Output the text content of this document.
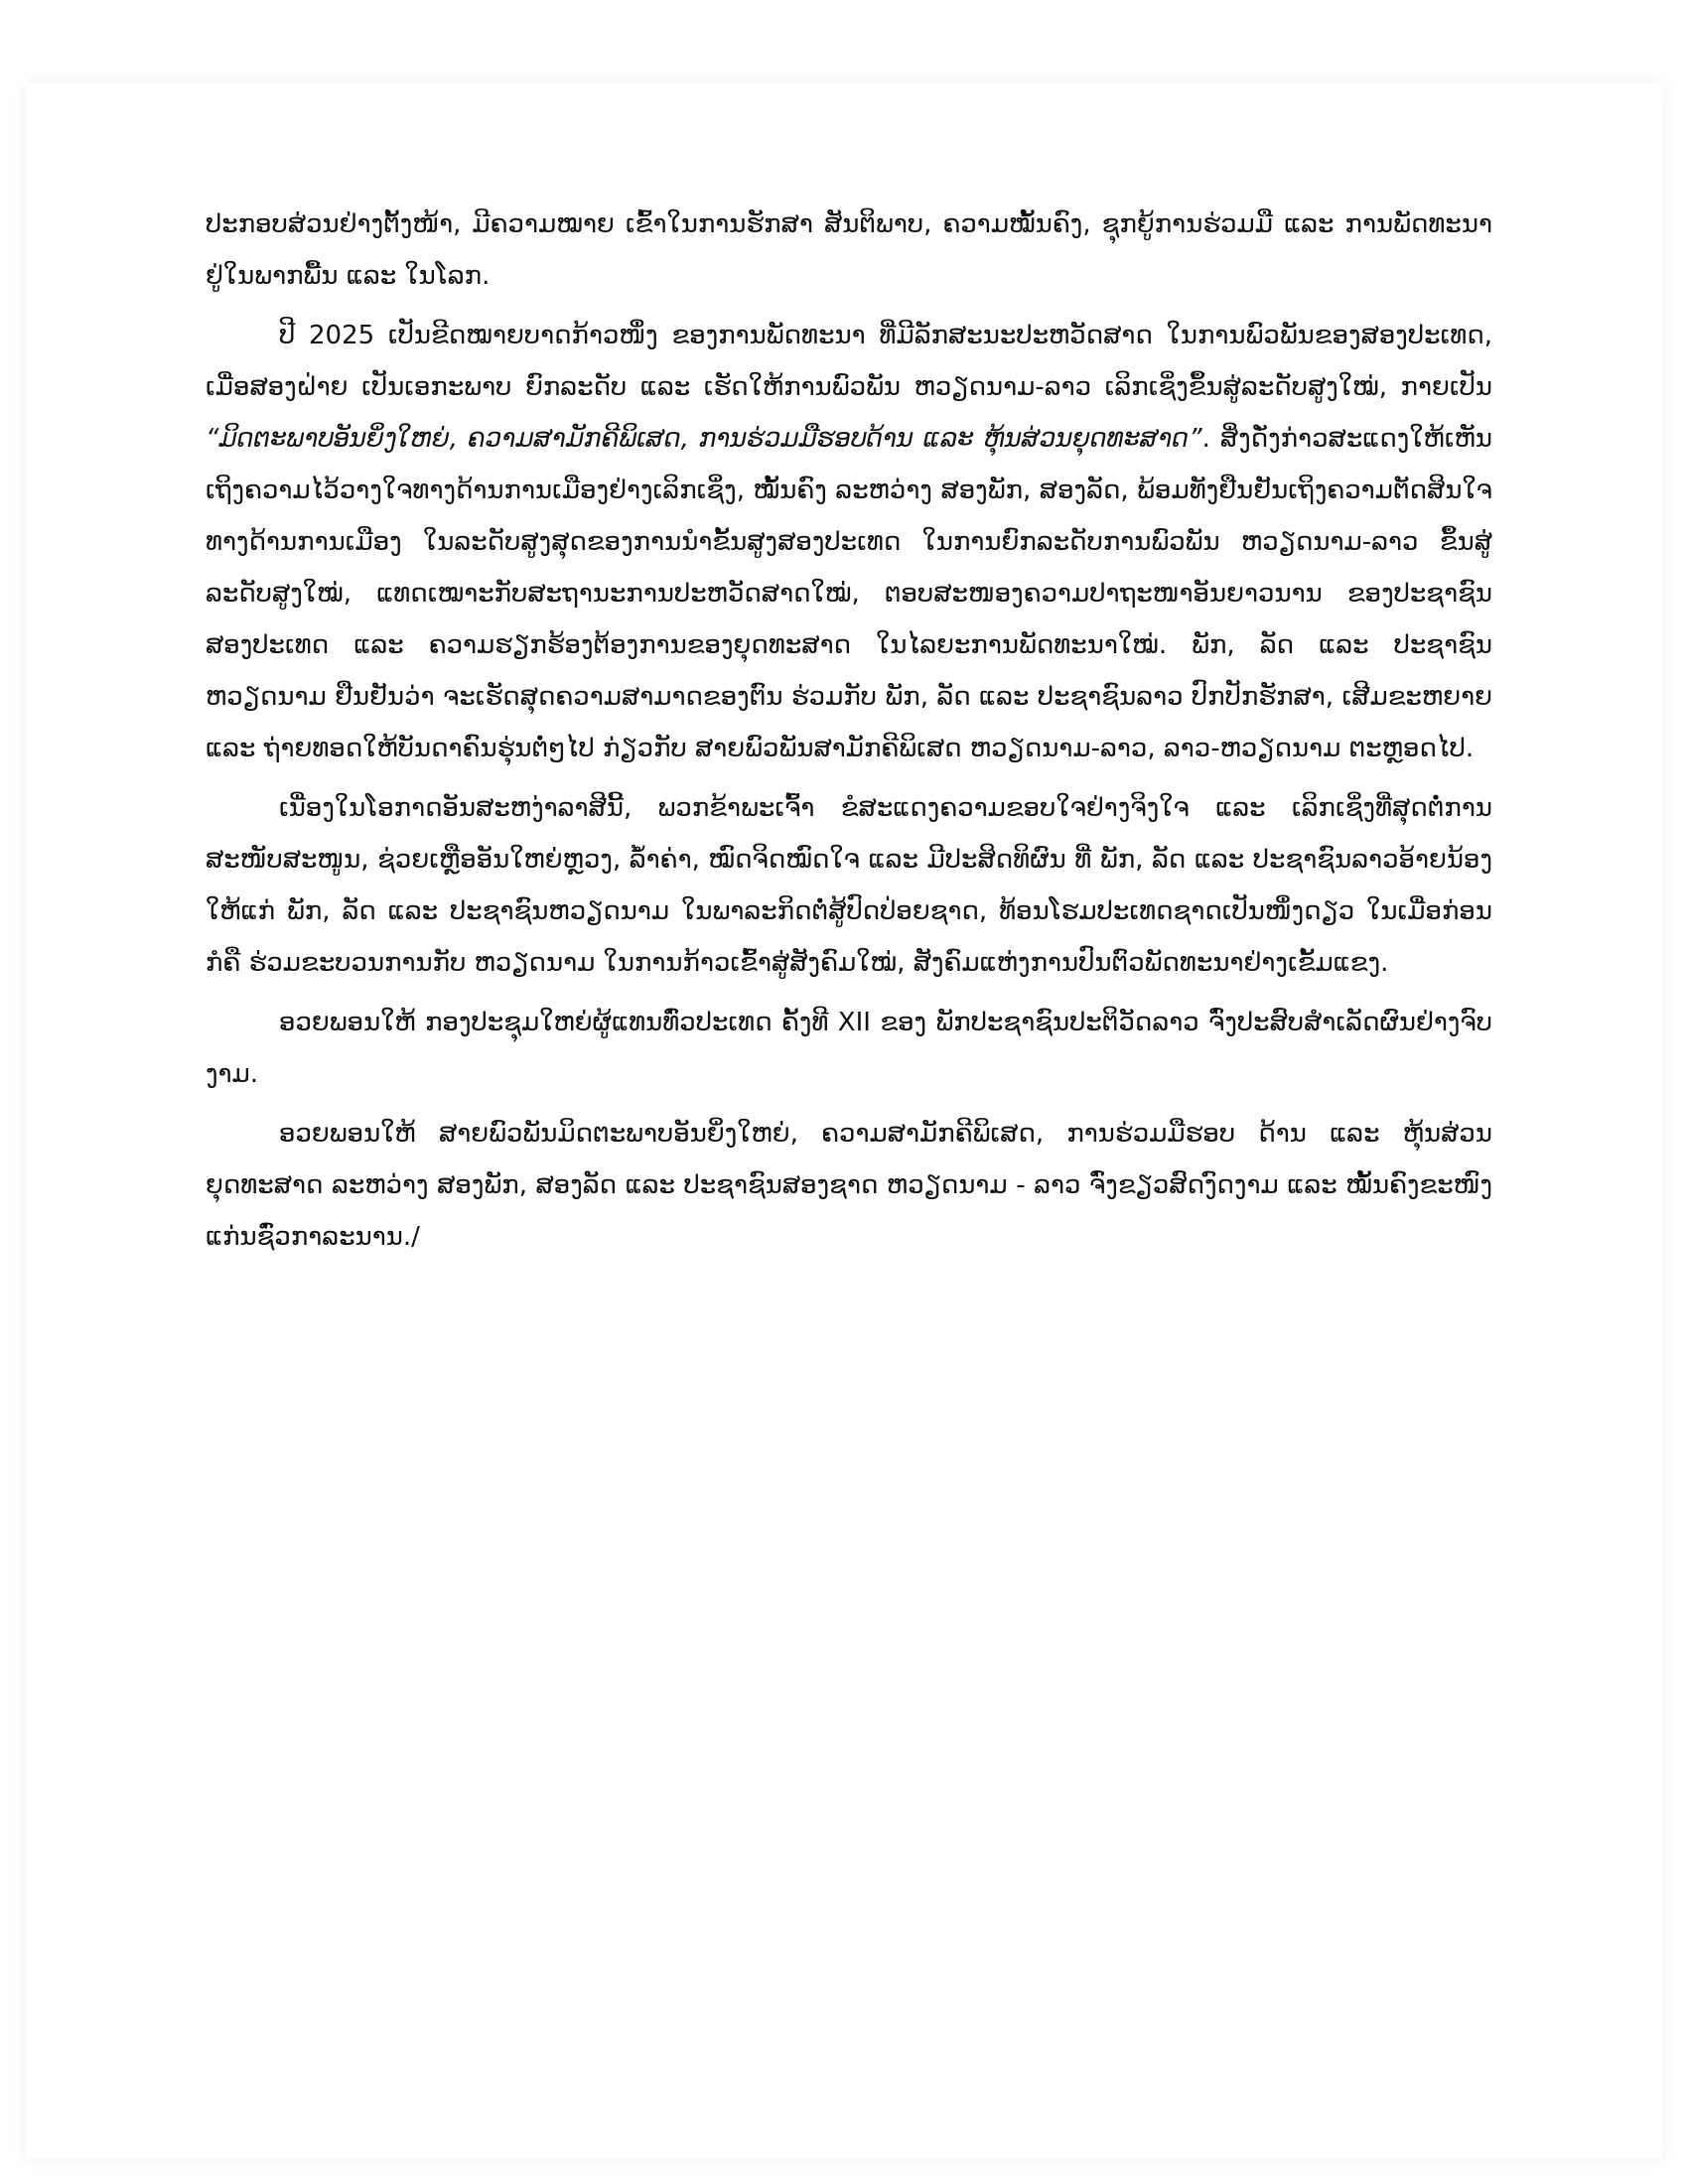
ປະກອບສ່ວນຢ່າງຕັ້ງໜ້າ, ມີຄວາມໝາຍ ເຂົ້າໃນການຮັກສາ ສັນຕິພາບ, ຄວາມໝັ້ນຄົງ, ຊຸກຍູ້ການຮ່ວມມື ແລະ ການພັດທະນາຢູ່ໃນພາກພື້ນ ແລະ ໃນໂລກ.

ປີ 2025 ເປັນຂີດໝາຍບາດກ້າວໜຶ່ງ ຂອງການພັດທະນາ ທີ່ມີລັກສະນະປະຫວັດສາດ ໃນການພົວພັນຂອງສອງປະເທດ, ເມື່ອສອງຝ່າຍ ເປັນເອກະພາບ ຍົກລະດັບ ແລະ ເຮັດໃຫ້ການພົວພັນ ຫວຽດນາມ-ລາວ ເລິກເຊິ່ງຂຶ້ນສູ່ລະດັບສູງໃໝ່, ກາຍເປັນ “ມິດຕະພາບອັນຍິ່ງໃຫຍ່, ຄວາມສາມັກຄີພິເສດ, ການຮ່ວມມືຮອບດ້ານ ແລະ ຫຸ້ນສ່ວນຍຸດທະສາດ”. ສິ່ງດັ່ງກ່າວສະແດງໃຫ້ເຫັນເຖິງຄວາມໄວ້ວາງໃຈທາງດ້ານການເມືອງຢ່າງເລິກເຊິ່ງ, ໝັ້ນຄົງ ລະຫວ່າງ ສອງພັກ, ສອງລັດ, ພ້ອມທັງຢືນຢັນເຖິງຄວາມຕັດສິນໃຈທາງດ້ານການເມືອງ ໃນລະດັບສູງສຸດຂອງການນໍາຂັ້ນສູງສອງປະເທດ ໃນການຍົກລະດັບການພົວພັນ ຫວຽດນາມ-ລາວ ຂຶ້ນສູ່ລະດັບສູງໃໝ່, ແທດເໝາະກັບສະຖານະການປະຫວັດສາດໃໝ່, ຕອບສະໜອງຄວາມປາຖະໜາອັນຍາວນານ ຂອງປະຊາຊົນ ສອງປະເທດ ແລະ ຄວາມຮຽກຮ້ອງຕ້ອງການຂອງຍຸດທະສາດ ໃນໄລຍະການພັດທະນາໃໝ່. ພັກ, ລັດ ແລະ ປະຊາຊົນຫວຽດນາມ ຢືນຢັນວ່າ ຈະເຮັດສຸດຄວາມສາມາດຂອງຕົນ ຮ່ວມກັບ ພັກ, ລັດ ແລະ ປະຊາຊົນລາວ ປົກປັກຮັກສາ, ເສີມຂະຫຍາຍ ແລະ ຖ່າຍທອດໃຫ້ບັນດາຄົນຮຸ່ນຕໍ່ໆໄປ ກ່ຽວກັບ ສາຍພົວພັນສາມັກຄີພິເສດ ຫວຽດນາມ-ລາວ, ລາວ-ຫວຽດນາມ ຕະຫຼອດໄປ.

ເນື່ອງໃນໂອກາດອັນສະຫງ່າລາສີນີ້, ພວກຂ້າພະເຈົ້າ ຂໍສະແດງຄວາມຂອບໃຈຢ່າງຈິງໃຈ ແລະ ເລິກເຊິ່ງທີ່ສຸດຕໍ່ການສະໜັບສະໜູນ, ຊ່ວຍເຫຼືອອັນໃຫຍ່ຫຼວງ, ລໍ້າຄ່າ, ໝົດຈິດໝົດໃຈ ແລະ ມີປະສິດທິຜົນ ທີ່ ພັກ, ລັດ ແລະ ປະຊາຊົນລາວອ້າຍນ້ອງ ໃຫ້ແກ່ ພັກ, ລັດ ແລະ ປະຊາຊົນຫວຽດນາມ ໃນພາລະກິດຕໍ່ສູ້ປົດປ່ອຍຊາດ, ທ້ອນໂຮມປະເທດຊາດເປັນໜຶ່ງດຽວ ໃນເມື່ອກ່ອນ ກໍຄື ຮ່ວມຂະບວນການກັບ ຫວຽດນາມ ໃນການກ້າວເຂົ້າສູ່ສັງຄົມໃໝ່, ສັງຄົມແຫ່ງການປົນຕົວພັດທະນາຢ່າງເຂັ້ມແຂງ.

ອວຍພອນໃຫ້ ກອງປະຊຸມໃຫຍ່ຜູ້ແທນທົ່ວປະເທດ ຄັ້ງທີ XII ຂອງ ພັກປະຊາຊົນປະຕິວັດລາວ ຈົ່ງປະສົບສໍາເລັດຜົນຢ່າງຈົບງາມ.

ອວຍພອນໃຫ້ ສາຍພົວພັນມິດຕະພາບອັນຍິ່ງໃຫຍ່, ຄວາມສາມັກຄີພິເສດ, ການຮ່ວມມືຮອບ ດ້ານ ແລະ ຫຸ້ນສ່ວນຍຸດທະສາດ ລະຫວ່າງ ສອງພັກ, ສອງລັດ ແລະ ປະຊາຊົນສອງຊາດ ຫວຽດນາມ - ລາວ ຈົ່ງຂຽວສົດງົດງາມ ແລະ ໝັ້ນຄົງຂະໜົງແກ່ນຊົ່ວກາລະນານ./
